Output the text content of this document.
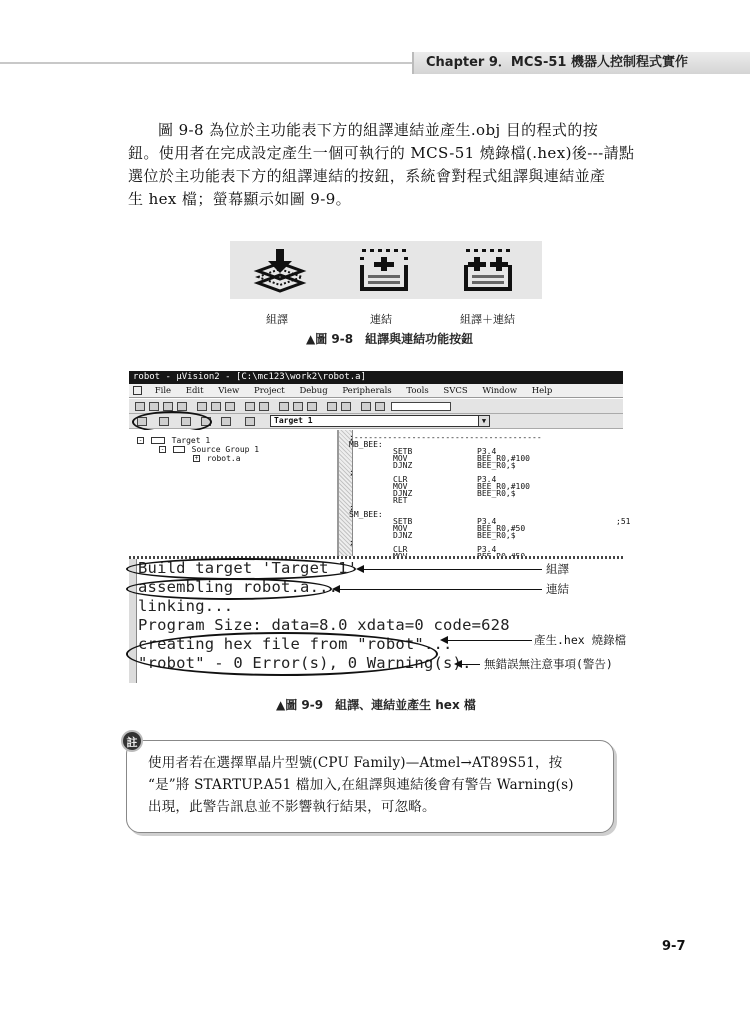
Chapter 9．MCS-51 機器人控制程式實作

圖 9-8 為位於主功能表下方的組譯連結並產生.obj 目的程式的按

鈕。使用者在完成設定產生一個可執行的 MCS-51 燒錄檔(.hex)後---請點

選位於主功能表下方的組譯連結的按鈕，系統會對程式組譯與連結並產

生 hex 檔；螢幕顯示如圖 9-9。

組譯	連結	組譯＋連結
▲圖 9-8　組譯與連結功能按鈕
robot - μVision2 - [C:\mc123\work2\robot.a]
File Edit View Project Debug Peripherals Tools SVCS Window Help
Target 1	▼
-	Target 1
-	Source Group 1
+ robot.a
;---------------------------------------
MB_BEE:
SETB	P3.4
MOV	BEE_R0,#100
DJNZ	BEE_R0,$
;
CLR	P3.4
MOV	BEE_R0,#100
DJNZ	BEE_R0,$
RET
;
SM_BEE:
SETB	P3.4	;51
MOV	BEE_R0,#50
DJNZ	BEE_R0,$
;
CLR	P3.4
Build target 'Target 1'
assembling robot.a...
linking...
Program Size: data=8.0 xdata=0 code=628
creating hex file from "robot"...
"robot" - 0 Error(s), 0 Warning(s).
組譯
連結
產生.hex 燒錄檔
無錯誤無注意事項(警告)
▲圖 9-9　組譯、連結並產生 hex 檔
註

使用者若在選擇單晶片型號(CPU Family)—Atmel→AT89S51，按

“是”將 STARTUP.A51 檔加入,在組譯與連結後會有警告 Warning(s)

出現，此警告訊息並不影響執行結果，可忽略。

9-7
